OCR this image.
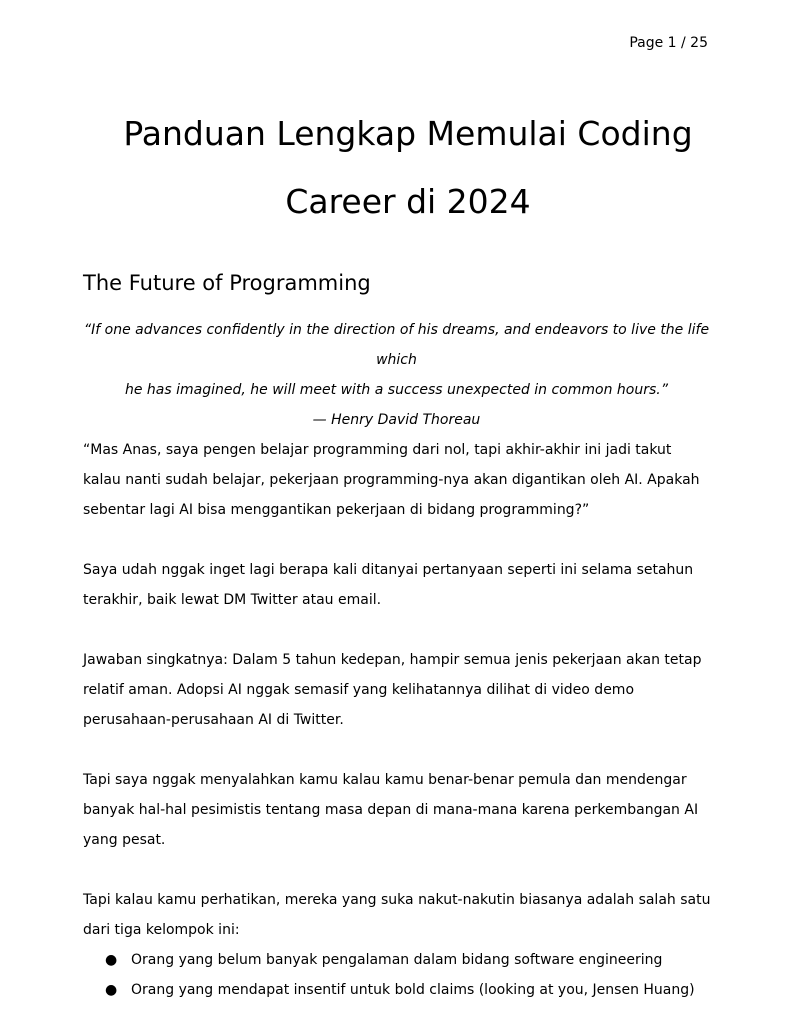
Page 1 / 25
Panduan Lengkap Memulai Coding
Career di 2024
The Future of Programming

“If one advances confidently in the direction of his dreams, and endeavors to live the life which

he has imagined, he will meet with a success unexpected in common hours.”

— Henry David Thoreau

“Mas Anas, saya pengen belajar programming dari nol, tapi akhir-akhir ini jadi takut kalau nanti sudah belajar, pekerjaan programming-nya akan digantikan oleh AI. Apakah sebentar lagi AI bisa menggantikan pekerjaan di bidang programming?”

Saya udah nggak inget lagi berapa kali ditanyai pertanyaan seperti ini selama setahun terakhir, baik lewat DM Twitter atau email.

Jawaban singkatnya: Dalam 5 tahun kedepan, hampir semua jenis pekerjaan akan tetap relatif aman. Adopsi AI nggak semasif yang kelihatannya dilihat di video demo perusahaan-perusahaan AI di Twitter.

Tapi saya nggak menyalahkan kamu kalau kamu benar-benar pemula dan mendengar banyak hal-hal pesimistis tentang masa depan di mana-mana karena perkembangan AI yang pesat.

Tapi kalau kamu perhatikan, mereka yang suka nakut-nakutin biasanya adalah salah satu dari tiga kelompok ini:

● Orang yang belum banyak pengalaman dalam bidang software engineering
● Orang yang mendapat insentif untuk bold claims (looking at you, Jensen Huang)
